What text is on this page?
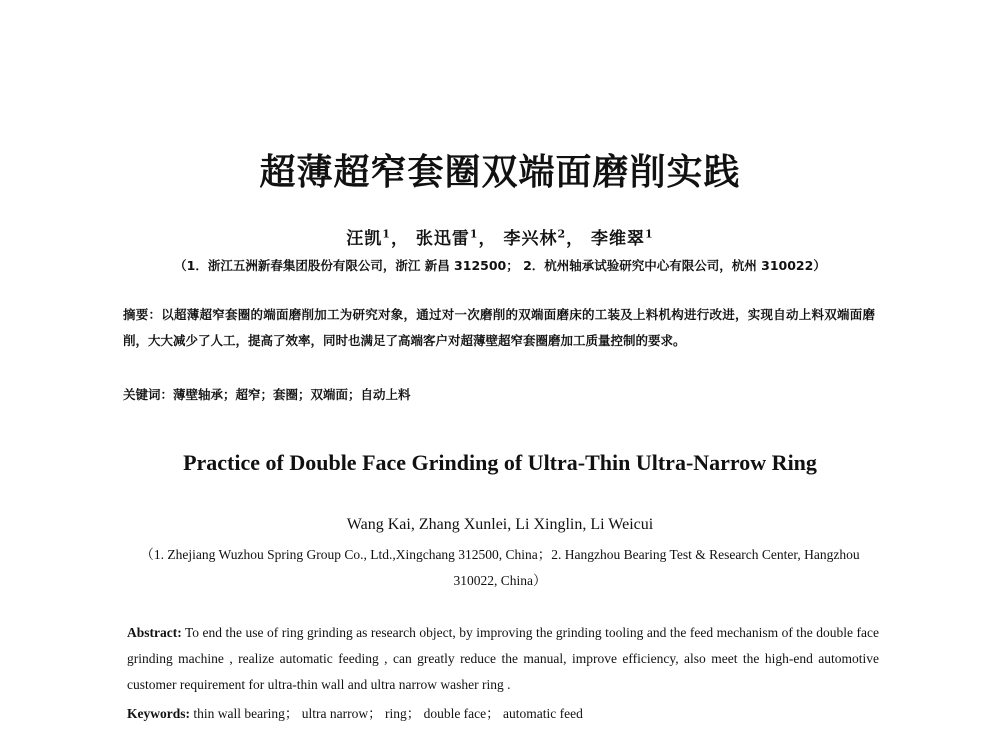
超薄超窄套圈双端面磨削实践
汪凯$^1$， 张迅雷$^1$， 李兴林$^2$， 李维翠$^1$
（1．浙江五洲新春集团股份有限公司，浙江 新昌 312500； 2．杭州轴承试验研究中心有限公司，杭州 310022）
摘要：以超薄超窄套圈的端面磨削加工为研究对象，通过对一次磨削的双端面磨床的工装及上料机构进行改进，实现自动上料双端面磨削，大大减少了人工，提高了效率，同时也满足了高端客户对超薄壁超窄套圈磨加工质量控制的要求。
关键词：薄壁轴承；超窄；套圈；双端面；自动上料
Practice of Double Face Grinding of Ultra-Thin Ultra-Narrow Ring
Wang Kai, Zhang Xunlei, Li Xinglin, Li Weicui
（1. Zhejiang Wuzhou Spring Group Co., Ltd.,Xingchang 312500, China；2. Hangzhou Bearing Test & Research Center, Hangzhou 310022, China）
Abstract: To end the use of ring grinding as research object, by improving the grinding tooling and the feed mechanism of the double face grinding machine , realize automatic feeding , can greatly reduce the manual, improve efficiency, also meet the high-end automotive customer requirement for ultra-thin wall and ultra narrow washer ring .
Keywords: thin wall bearing； ultra narrow； ring； double face； automatic feed
